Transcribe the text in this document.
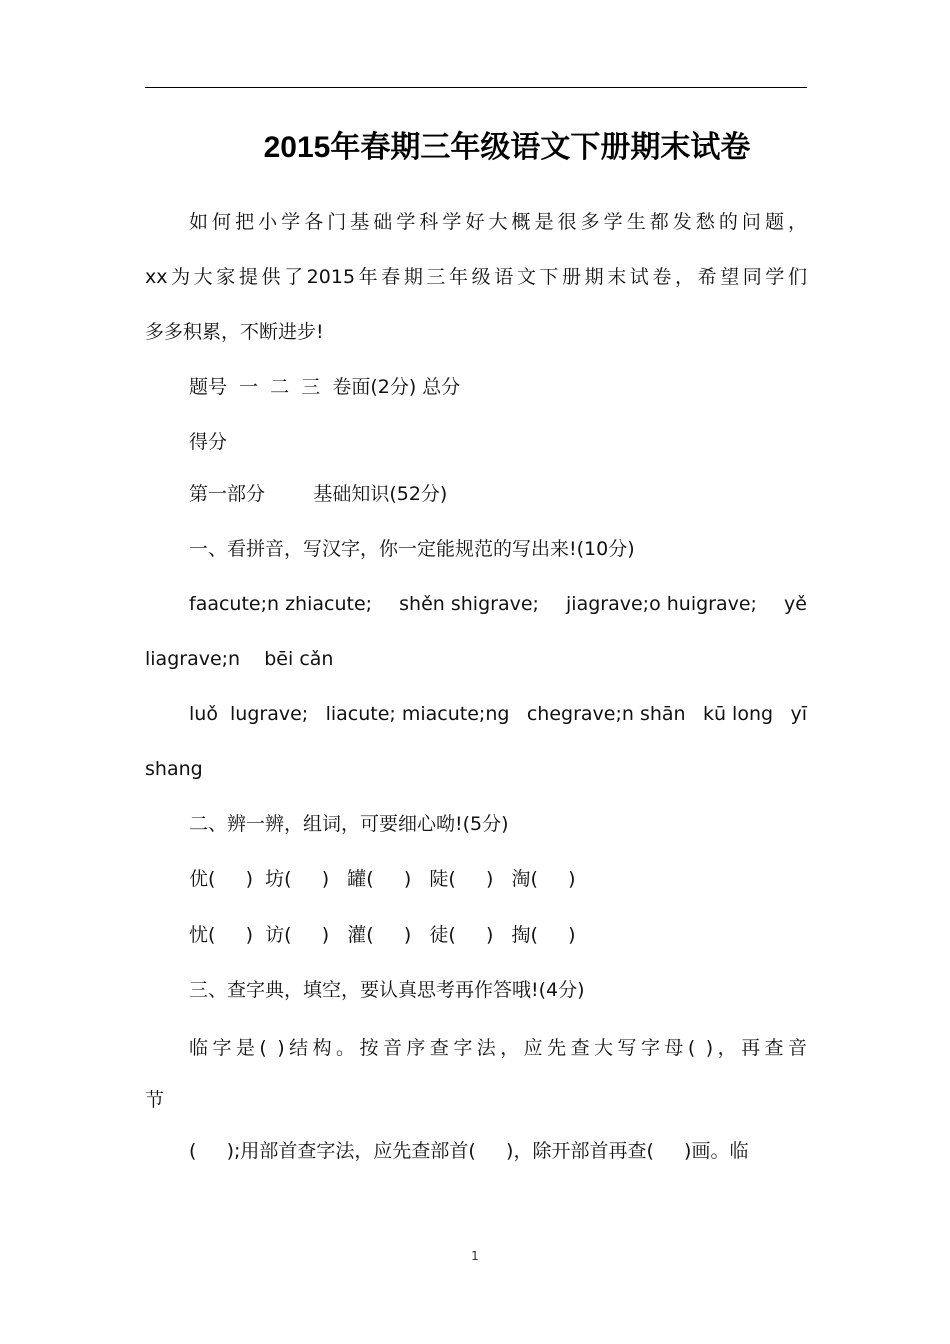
2015年春期三年级语文下册期末试卷
如何把小学各门基础学科学好大概是很多学生都发愁的问题，
xx为大家提供了2015年春期三年级语文下册期末试卷，希望同学们
多多积累，不断进步!
题号  一  二  三  卷面(2分) 总分
得分
第一部分        基础知识(52分)
一、看拼音，写汉字，你一定能规范的写出来!(10分)
faacute;n zhiacute; shěn shigrave; jiagrave;o huigrave; yě
liagrave;n    bēi cǎn
luǒ  lugrave; liacute; miacute;ng chegrave;n shān kū long yī
shang
二、辨一辨，组词，可要细心呦!(5分)
优(     )  坊(     )   罐(     )   陡(     )   淘(     )
忧(     )  访(     )   灌(     )   徒(     )   掏(     )
三、查字典，填空，要认真思考再作答哦!(4分)
临字是( )结构。按音序查字法，应先查大写字母( )，再查音
节
(     );用部首查字法，应先查部首(     )，除开部首再查(     )画。临
1
